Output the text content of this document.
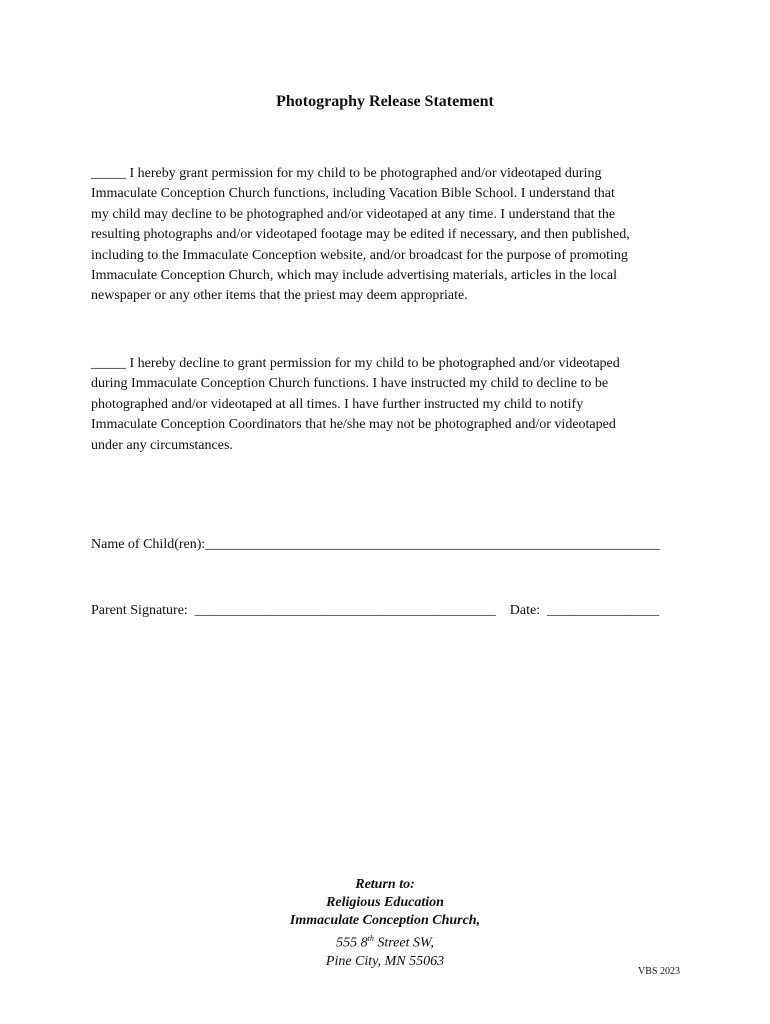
Photography Release Statement
_____ I hereby grant permission for my child to be photographed and/or videotaped during
Immaculate Conception Church functions, including Vacation Bible School. I understand that
my child may decline to be photographed and/or videotaped at any time. I understand that the
resulting photographs and/or videotaped footage may be edited if necessary, and then published,
including to the Immaculate Conception website, and/or broadcast for the purpose of promoting
Immaculate Conception Church, which may include advertising materials, articles in the local
newspaper or any other items that the priest may deem appropriate.
_____ I hereby decline to grant permission for my child to be photographed and/or videotaped
during Immaculate Conception Church functions. I have instructed my child to decline to be
photographed and/or videotaped at all times. I have further instructed my child to notify
Immaculate Conception Coordinators that he/she may not be photographed and/or videotaped
under any circumstances.
Name of Child(ren):_________________________________________________________________
Parent Signature:  ___________________________________________    Date:  ________________
Return to:
Religious Education
Immaculate Conception Church,
555 8th Street SW,
Pine City, MN 55063
VBS 2023
